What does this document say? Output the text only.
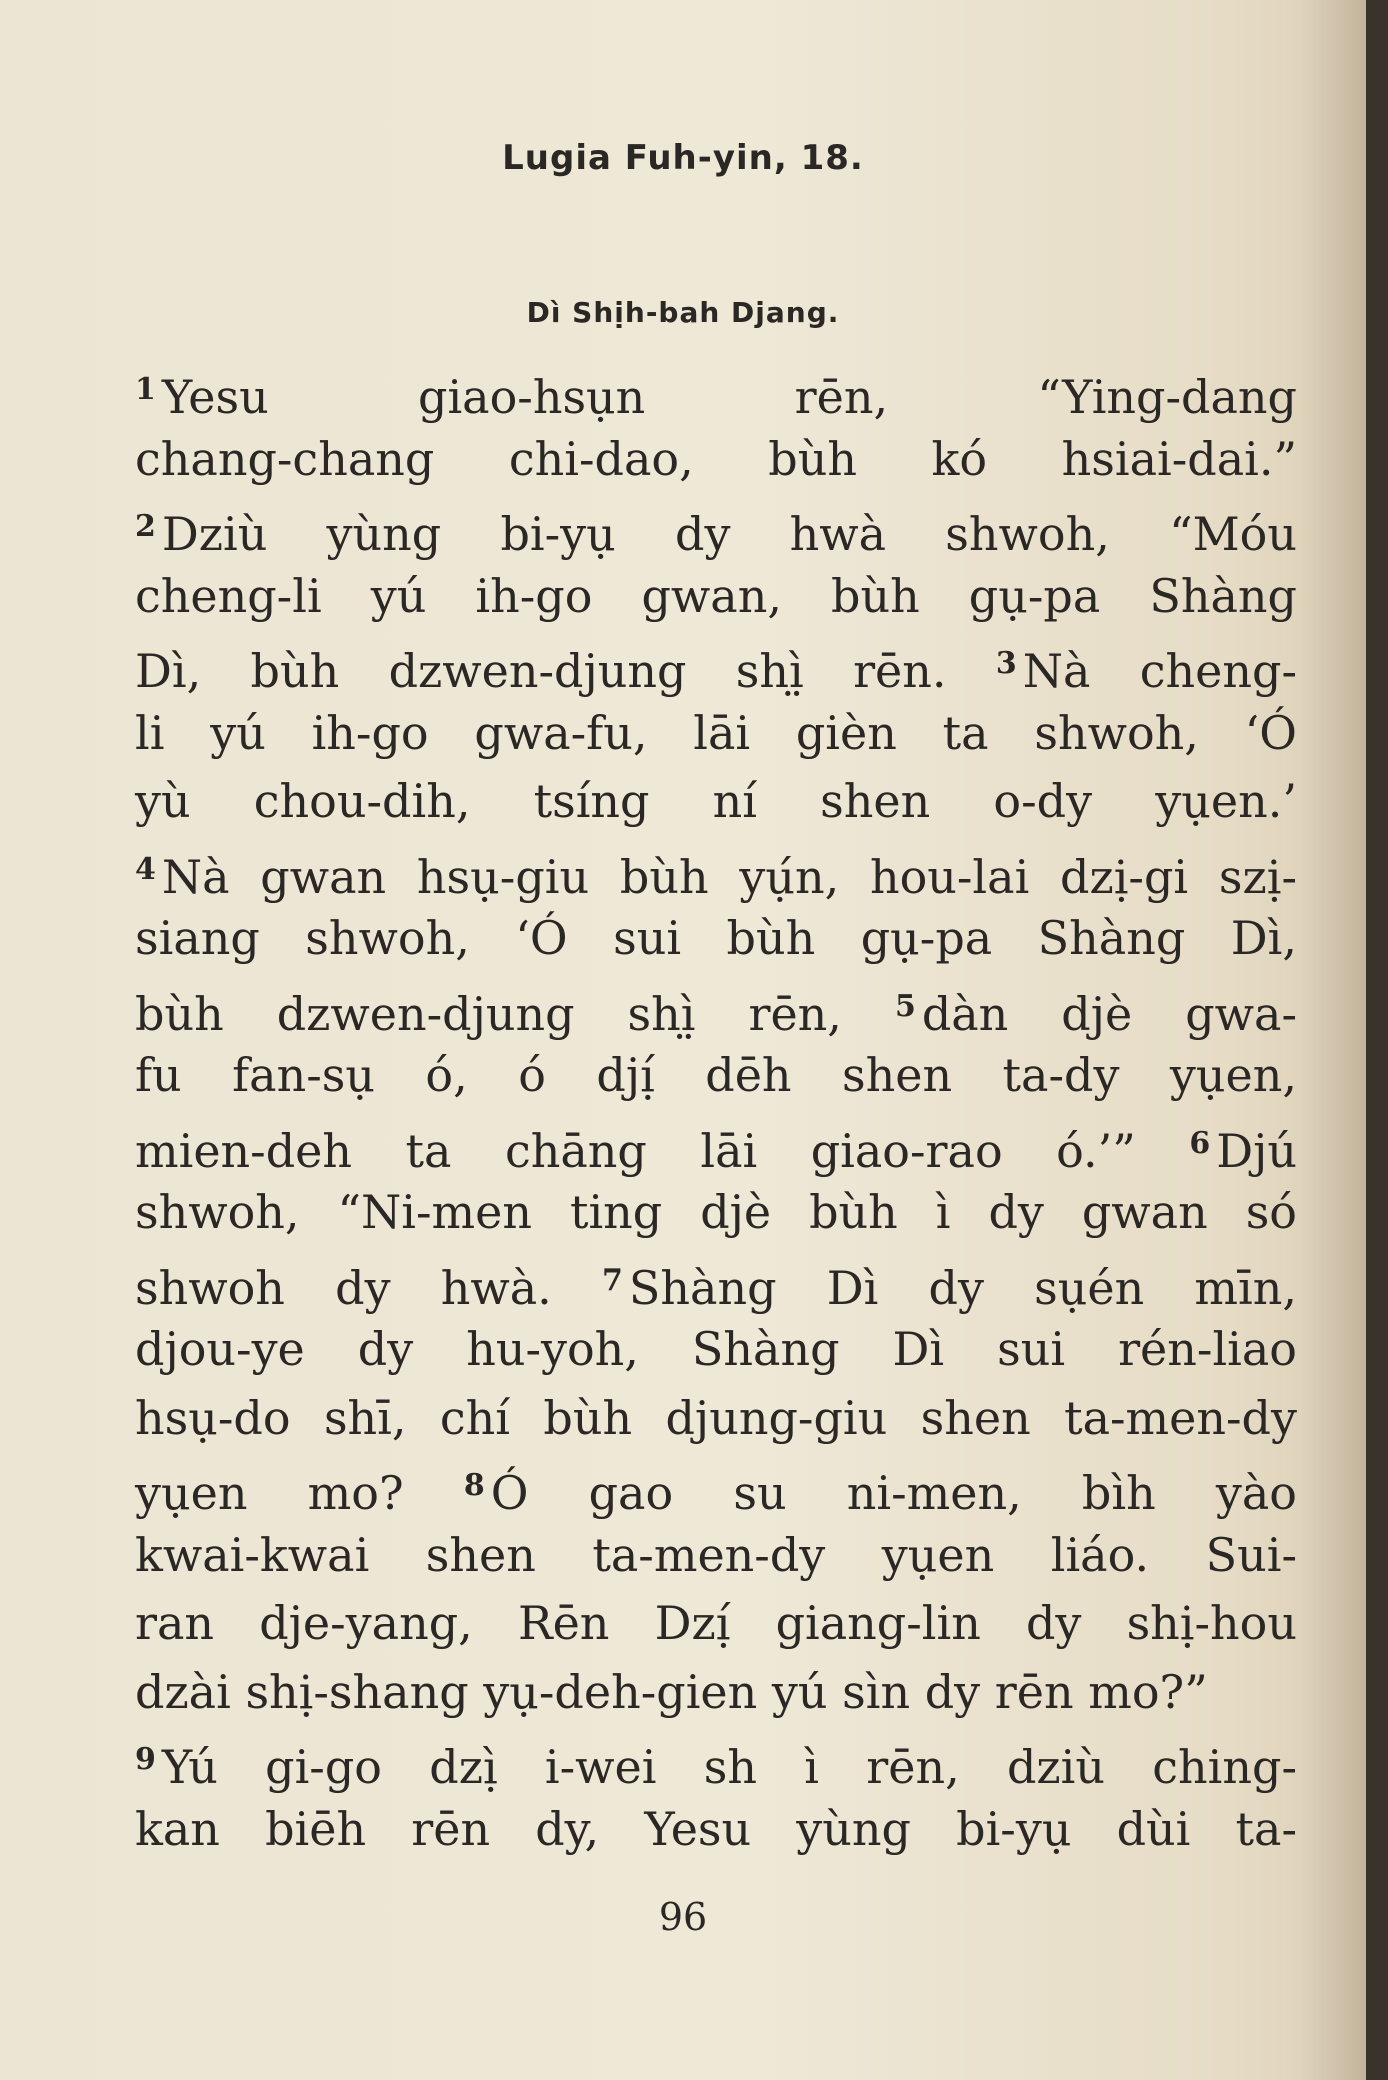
Lugia Fuh-yin, 18.
Dì Shịh-bah Djang.
$^1$ Yesu giao-hsụn rēn, “Ying-dang
chang-chang chi-dao, bùh kó hsiai-dai.”
$^2$ Dziù yùng bi-yụ dy hwà shwoh, “Móu
cheng-li yú ih-go gwan, bùh gụ-pa Shàng
Dì, bùh dzwen-djung shì̤ rēn. $^3$ Nà cheng-
li yú ih-go gwa-fu, lāi gièn ta shwoh, ‘Ó
yù chou-dih, tsíng ní shen o-dy yụen.’
$^4$ Nà gwan hsụ-giu bùh yụ́n, hou-lai dzị-gi szị-
siang shwoh, ‘Ó sui bùh gụ-pa Shàng Dì,
bùh dzwen-djung shì̤ rēn, $^5$ dàn djè gwa-
fu fan-sụ ó, ó djị́ dēh shen ta-dy yụen,
mien-deh ta chāng lāi giao-rao ó.’” $^6$ Djú
shwoh, “Ni-men ting djè bùh ì dy gwan só
shwoh dy hwà. $^7$ Shàng Dì dy sụén mīn,
djou-ye dy hu-yoh, Shàng Dì sui rén-liao
hsụ-do shī, chí bùh djung-giu shen ta-men-dy
yụen mo? $^8$ Ó gao su ni-men, bìh yào
kwai-kwai shen ta-men-dy yụen liáo. Sui-
ran dje-yang, Rēn Dzị́ giang-lin dy shị-hou
dzài shị-shang yụ-deh-gien yú sìn dy rēn mo?”
$^9$ Yú gi-go dzị̀ i-wei sh ì rēn, dziù ching-
kan biēh rēn dy, Yesu yùng bi-yụ dùi ta-
96
